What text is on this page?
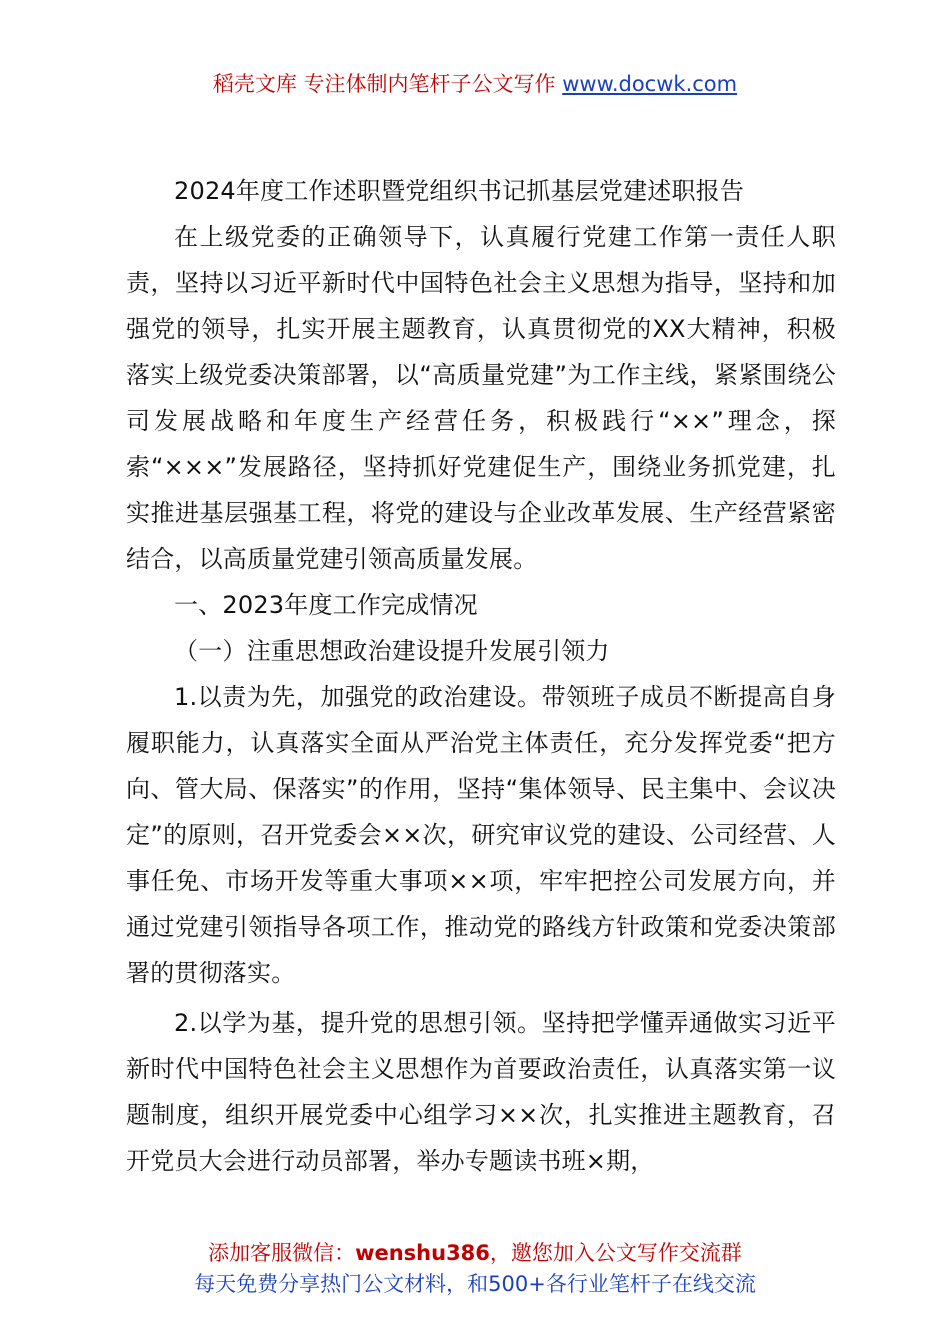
稻壳文库 专注体制内笔杆子公文写作 www.docwk.com

2024年度工作述职暨党组织书记抓基层党建述职报告

在上级党委的正确领导下，认真履行党建工作第一责任人职责，坚持以习近平新时代中国特色社会主义思想为指导，坚持和加强党的领导，扎实开展主题教育，认真贯彻党的XX大精神，积极落实上级党委决策部署，以“高质量党建”为工作主线，紧紧围绕公司发展战略和年度生产经营任务，积极践行“××”理念，探索“×××”发展路径，坚持抓好党建促生产，围绕业务抓党建，扎实推进基层强基工程，将党的建设与企业改革发展、生产经营紧密结合，以高质量党建引领高质量发展。

一、2023年度工作完成情况

（一）注重思想政治建设提升发展引领力

1.以责为先，加强党的政治建设。带领班子成员不断提高自身履职能力，认真落实全面从严治党主体责任，充分发挥党委“把方向、管大局、保落实”的作用，坚持“集体领导、民主集中、会议决定”的原则，召开党委会××次，研究审议党的建设、公司经营、人事任免、市场开发等重大事项××项，牢牢把控公司发展方向，并通过党建引领指导各项工作，推动党的路线方针政策和党委决策部署的贯彻落实。

2.以学为基，提升党的思想引领。坚持把学懂弄通做实习近平新时代中国特色社会主义思想作为首要政治责任，认真落实第一议题制度，组织开展党委中心组学习××次，扎实推进主题教育，召开党员大会进行动员部署，举办专题读书班×期，

添加客服微信：wenshu386，邀您加入公文写作交流群
每天免费分享热门公文材料，和500+各行业笔杆子在线交流
